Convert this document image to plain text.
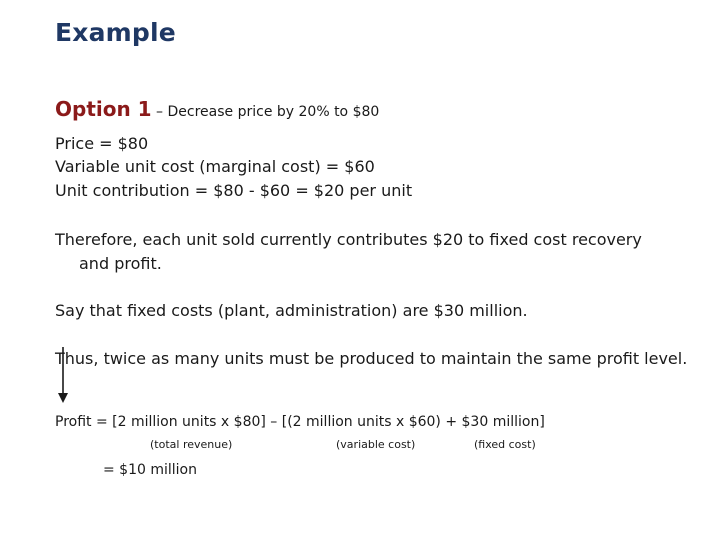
Example
Option 1 – Decrease price by 20% to $80
Price = $80
Variable unit cost (marginal cost) = $60
Unit contribution = $80 - $60 = $20 per unit
Therefore, each unit sold currently contributes $20 to fixed cost recovery
and profit.
Say that fixed costs (plant, administration) are $30 million.
Thus, twice as many units must be produced to maintain the same profit level.
Profit = [2 million units x $80] – [(2 million units x $60) + $30 million]
(total revenue)	(variable cost)	(fixed cost)
= $10 million
